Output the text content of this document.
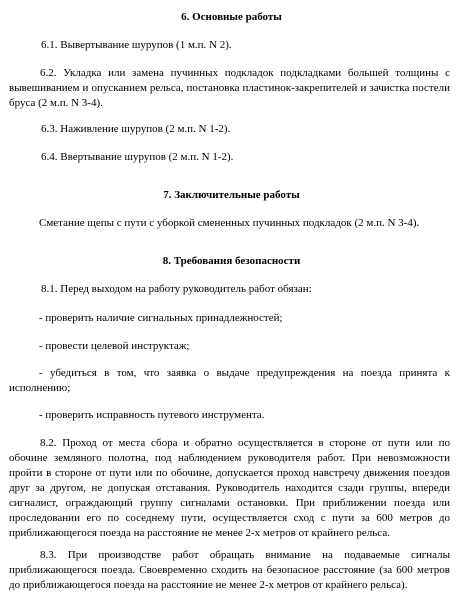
6. Основные работы
6.1. Вывертывание шурупов (1 м.п. N 2).
6.2. Укладка или замена пучинных подкладок подкладками большей толщины с вывешиванием и опусканием рельса, постановка пластинок-закрепителей и зачистка постели бруса (2 м.п. N 3-4).
6.3. Наживление шурупов (2 м.п. N 1-2).
6.4. Ввертывание шурупов (2 м.п. N 1-2).
7. Заключительные работы
Сметание щепы с пути с уборкой смененных пучинных подкладок (2 м.п. N 3-4).
8. Требования безопасности
8.1. Перед выходом на работу руководитель работ обязан:
- проверить наличие сигнальных принадлежностей;
- провести целевой инструктаж;
- убедиться в том, что заявка о выдаче предупреждения на поезда принята к исполнению;
- проверить исправность путевого инструмента.
8.2. Проход от места сбора и обратно осуществляется в стороне от пути или по обочине земляного полотна, под наблюдением руководителя работ. При невозможности пройти в стороне от пути или по обочине, допускается проход навстречу движения поездов друг за другом, не допуская отставания. Руководитель находится сзади группы, впереди сигналист, ограждающий группу сигналами остановки. При приближении поезда или проследовании его по соседнему пути, осуществляется сход с пути за 600 метров до приближающегося поезда на расстояние не менее 2-х метров от крайнего рельса.
8.3. При производстве работ обращать внимание на подаваемые сигналы приближающегося поезда. Своевременно сходить на безопасное расстояние (за 600 метров до приближающегося поезда на расстояние не менее 2-х метров от крайнего рельса).
